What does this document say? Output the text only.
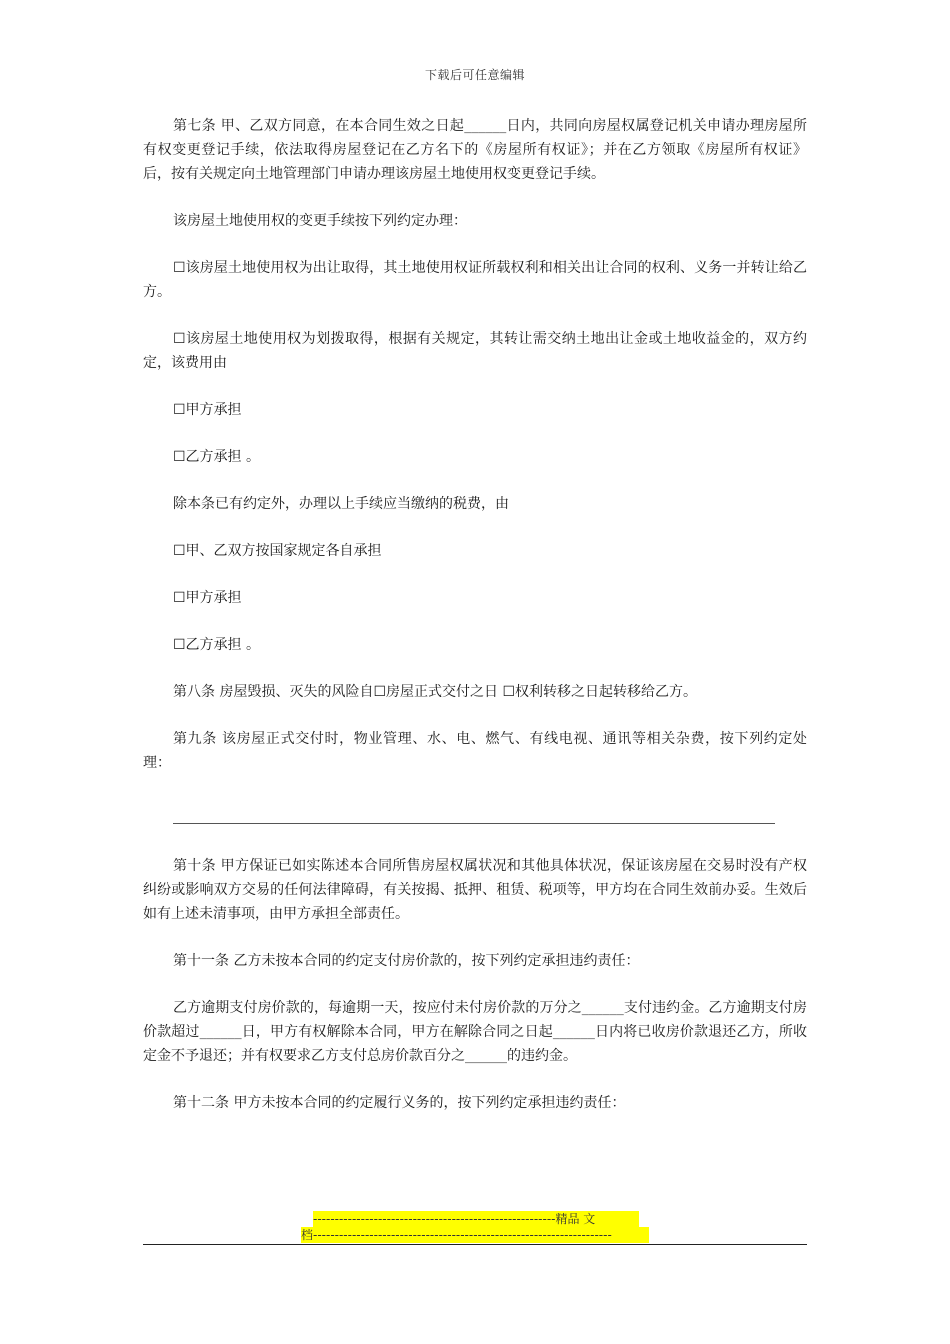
下载后可任意编辑

第七条 甲、乙双方同意，在本合同生效之日起______日内，共同向房屋权属登记机关申请办理房屋所有权变更登记手续，依法取得房屋登记在乙方名下的《房屋所有权证》；并在乙方领取《房屋所有权证》后，按有关规定向土地管理部门申请办理该房屋土地使用权变更登记手续。

该房屋土地使用权的变更手续按下列约定办理：

☐该房屋土地使用权为出让取得，其土地使用权证所载权利和相关出让合同的权利、义务一并转让给乙方。

☐该房屋土地使用权为划拨取得，根据有关规定，其转让需交纳土地出让金或土地收益金的，双方约定，该费用由

☐甲方承担

☐乙方承担 。

除本条已有约定外，办理以上手续应当缴纳的税费，由

☐甲、乙双方按国家规定各自承担

☐甲方承担

☐乙方承担 。

第八条 房屋毁损、灭失的风险自☐房屋正式交付之日 ☐权利转移之日起转移给乙方。

第九条 该房屋正式交付时，物业管理、水、电、燃气、有线电视、通讯等相关杂费，按下列约定处理：

第十条 甲方保证已如实陈述本合同所售房屋权属状况和其他具体状况，保证该房屋在交易时没有产权纠纷或影响双方交易的任何法律障碍，有关按揭、抵押、租赁、税项等，甲方均在合同生效前办妥。生效后如有上述未清事项，由甲方承担全部责任。

第十一条 乙方未按本合同的约定支付房价款的，按下列约定承担违约责任：

乙方逾期支付房价款的，每逾期一天，按应付未付房价款的万分之______支付违约金。乙方逾期支付房价款超过______日，甲方有权解除本合同，甲方在解除合同之日起______日内将已收房价款退还乙方，所收定金不予退还；并有权要求乙方支付总房价款百分之______的违约金。

第十二条 甲方未按本合同的约定履行义务的，按下列约定承担违约责任：

--------------------------------------------------------精品 文
档---------------------------------------------------------------------
